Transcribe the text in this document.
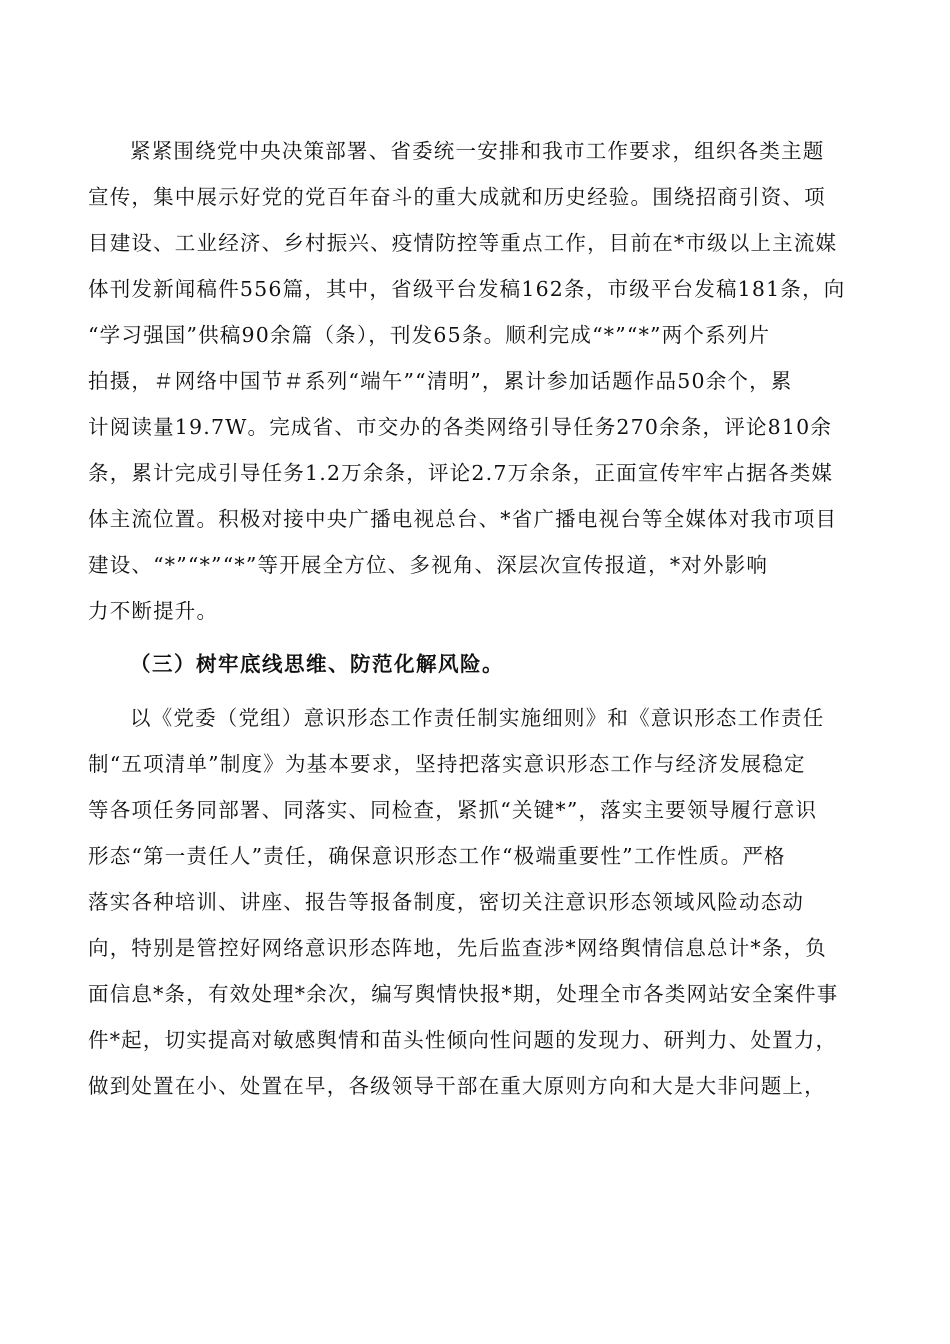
紧紧围绕党中央决策部署、省委统一安排和我市工作要求，组织各类主题
宣传，集中展示好党的党百年奋斗的重大成就和历史经验。围绕招商引资、项
目建设、工业经济、乡村振兴、疫情防控等重点工作，目前在*市级以上主流媒
体刊发新闻稿件556篇，其中，省级平台发稿162条，市级平台发稿181条，向
“学习强国”供稿90余篇（条），刊发65条。顺利完成“*”“*”两个系列片
拍摄，＃网络中国节＃系列“端午”“清明”，累计参加话题作品50余个，累
计阅读量19.7W。完成省、市交办的各类网络引导任务270余条，评论810余
条，累计完成引导任务1.2万余条，评论2.7万余条，正面宣传牢牢占据各类媒
体主流位置。积极对接中央广播电视总台、*省广播电视台等全媒体对我市项目
建设、“*”“*”“*”等开展全方位、多视角、深层次宣传报道，*对外影响
力不断提升。
（三）树牢底线思维、防范化解风险。
以《党委（党组）意识形态工作责任制实施细则》和《意识形态工作责任
制“五项清单”制度》为基本要求，坚持把落实意识形态工作与经济发展稳定
等各项任务同部署、同落实、同检查，紧抓“关键*”，落实主要领导履行意识
形态“第一责任人”责任，确保意识形态工作“极端重要性”工作性质。严格
落实各种培训、讲座、报告等报备制度，密切关注意识形态领域风险动态动
向，特别是管控好网络意识形态阵地，先后监查涉*网络舆情信息总计*条，负
面信息*条，有效处理*余次，编写舆情快报*期，处理全市各类网站安全案件事
件*起，切实提高对敏感舆情和苗头性倾向性问题的发现力、研判力、处置力，
做到处置在小、处置在早，各级领导干部在重大原则方向和大是大非问题上，
